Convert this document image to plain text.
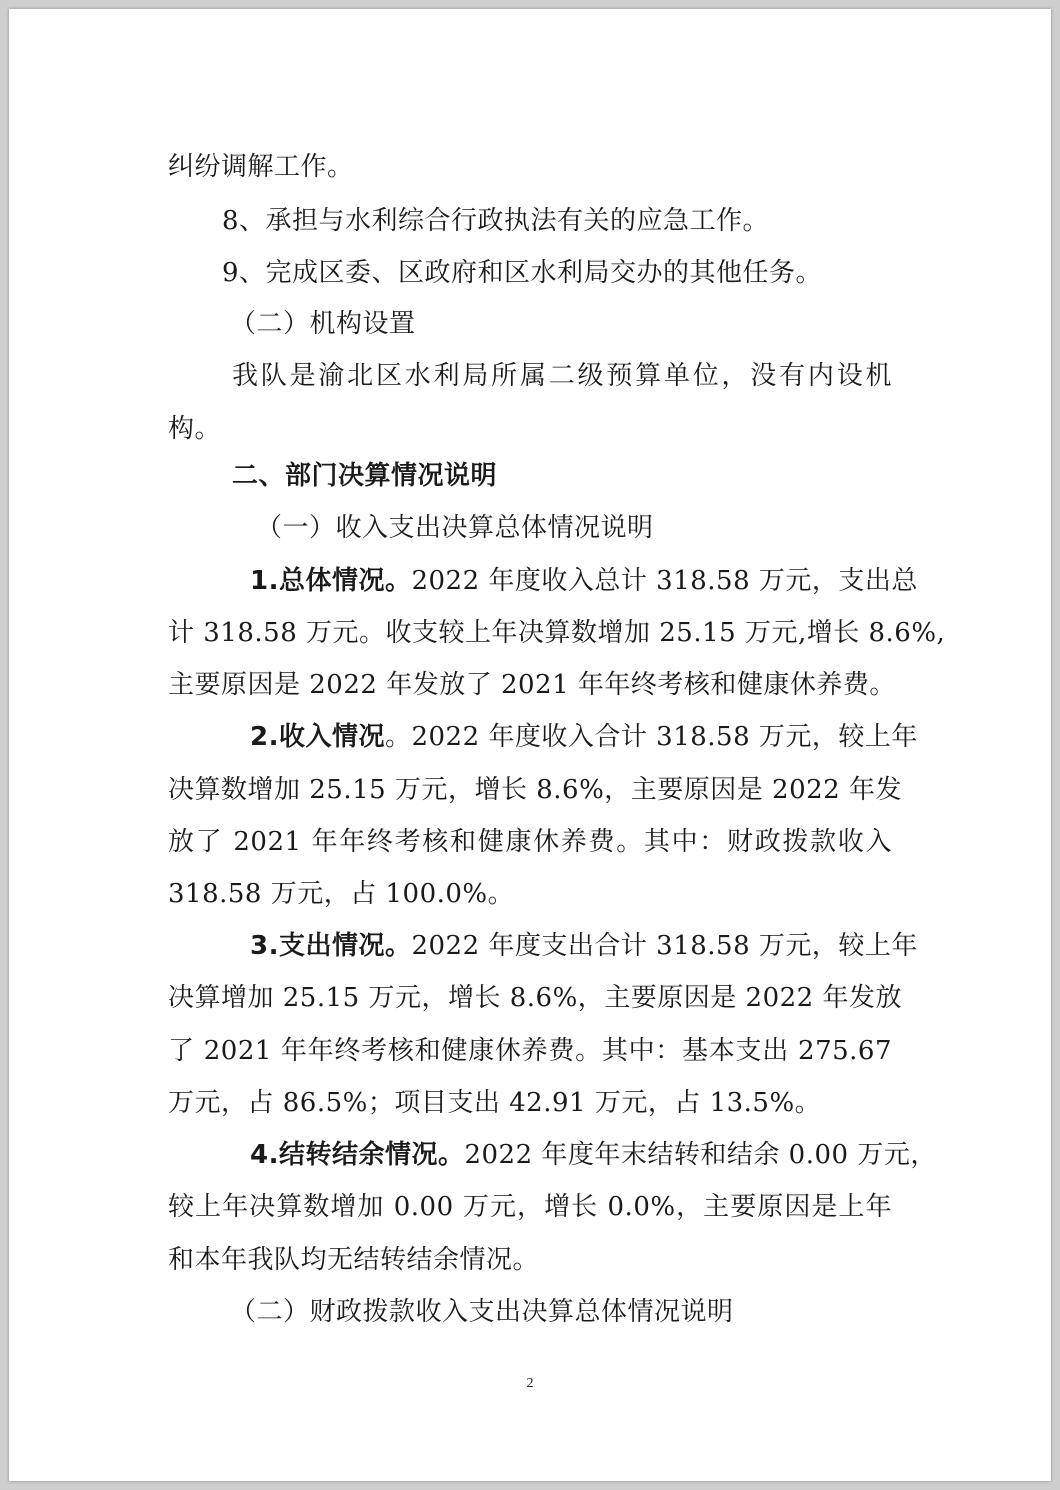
纠纷调解工作。
8、承担与水利综合行政执法有关的应急工作。
9、完成区委、区政府和区水利局交办的其他任务。
（二）机构设置
我队是渝北区水利局所属二级预算单位，没有内设机
构。
二、部门决算情况说明
（一）收入支出决算总体情况说明
1.总体情况。2022 年度收入总计 318.58 万元，支出总
计 318.58 万元。收支较上年决算数增加 25.15 万元,增长 8.6%,
主要原因是 2022 年发放了 2021 年年终考核和健康休养费。
2.收入情况。2022 年度收入合计 318.58 万元，较上年
决算数增加 25.15 万元，增长 8.6%，主要原因是 2022 年发
放了 2021 年年终考核和健康休养费。其中：财政拨款收入
318.58 万元，占 100.0%。
3.支出情况。2022 年度支出合计 318.58 万元，较上年
决算增加 25.15 万元，增长 8.6%，主要原因是 2022 年发放
了 2021 年年终考核和健康休养费。其中：基本支出 275.67
万元，占 86.5%；项目支出 42.91 万元，占 13.5%。
4.结转结余情况。2022 年度年末结转和结余 0.00 万元，
较上年决算数增加 0.00 万元，增长 0.0%，主要原因是上年
和本年我队均无结转结余情况。
（二）财政拨款收入支出决算总体情况说明
2
